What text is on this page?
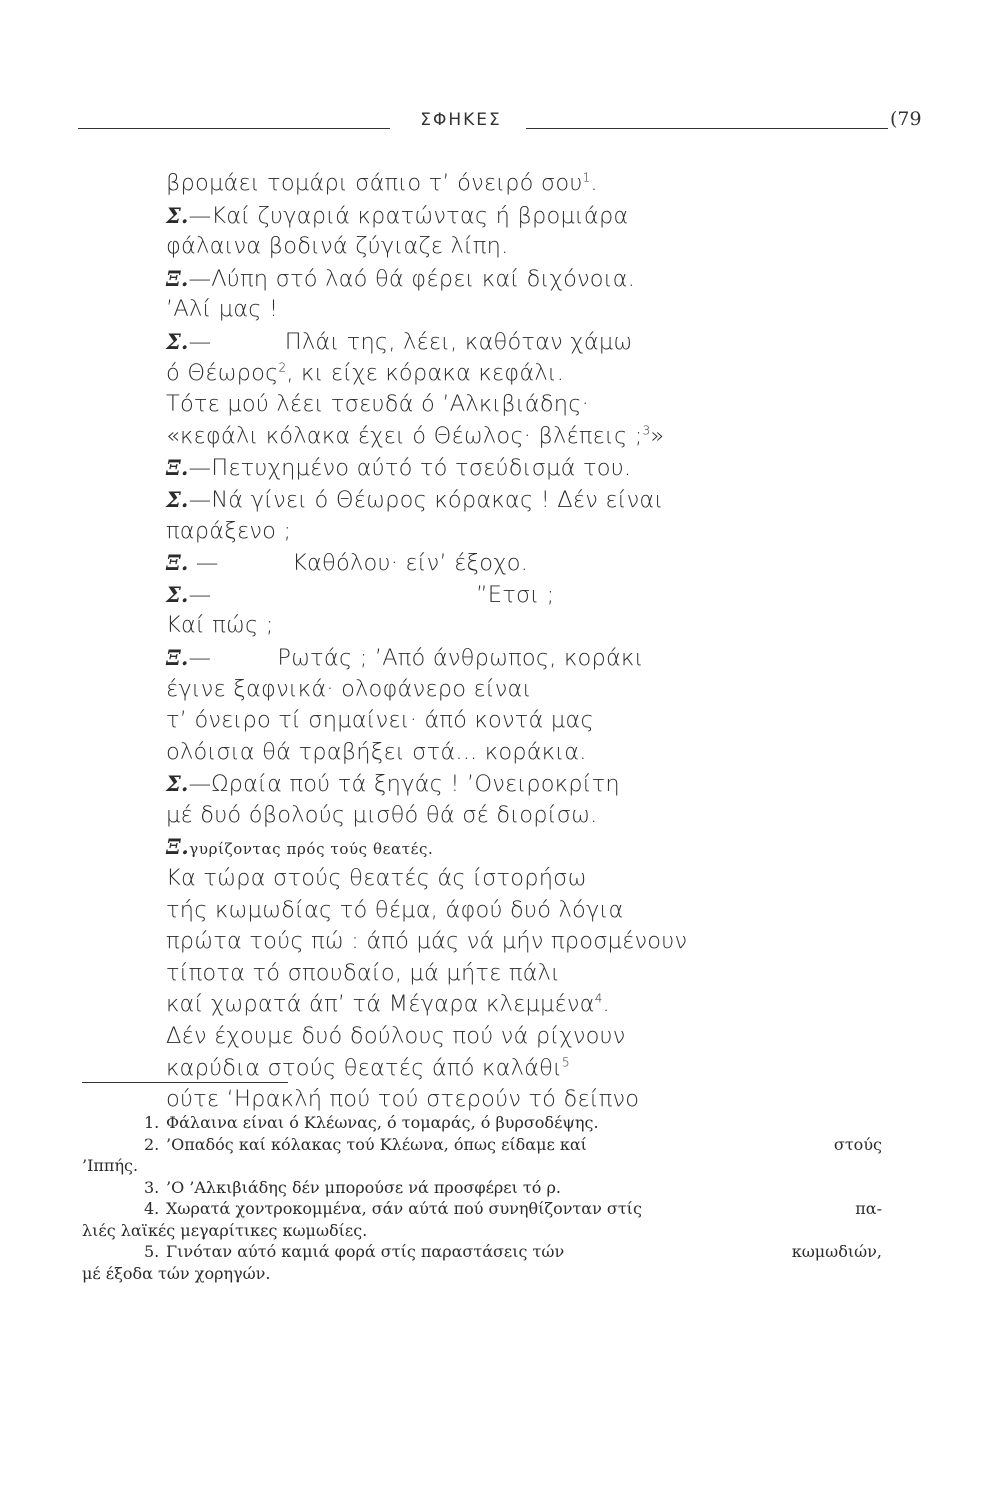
ΣΦΗΚΕΣ	(79
βρομάει τομάρι σάπιο τ’ όνειρό σου$^1$.
Σ.—Καί ζυγαριά κρατώντας ή βρομιάρα
φάλαινα βοδινά ζύγιαζε λίπη.
Ξ.—Λύπη στό λαό θά φέρει καί διχόνοια.
’Αλί μας !
Σ.—          Πλάι της, λέει, καθόταν χάμω
ό Θέωρος$^2$, κι είχε κόρακα κεφάλι.
Τότε μού λέει τσευδά ό ’Αλκιβιάδης·
«κεφάλι κόλακα έχει ό Θέωλος· βλέπεις ;$^3$»
Ξ.—Πετυχημένο αύτό τό τσεύδισμά του.
Σ.—Νά γίνει ό Θέωρος κόρακας ! Δέν είναι
παράξενο ;
Ξ. —          Καθόλου· είν’ έξοχο.
Σ.—                                    ”Ετσι ;
Καί πώς ;
Ξ.—         Ρωτάς ; ’Από άνθρωπος, κοράκι
έγινε ξαφνικά· ολοφάνερο είναι
τ’ όνειρο τί σημαίνει· άπό κοντά μας
ολόισια θά τραβήξει στά... κοράκια.
Σ.—Ωραία πού τά ξηγάς ! ’Ονειροκρίτη
μέ δυό όβολούς μισθό θά σέ διορίσω.
Ξ.γυρίζοντας πρός τούς θεατές.
Κα τώρα στούς θεατές άς ίστορήσω
τής κωμωδίας τό θέμα, άφού δυό λόγια
πρώτα τούς πώ : άπό μάς νά μήν προσμένουν
τίποτα τό σπουδαίο, μά μήτε πάλι
καί χωρατά άπ’ τά Μέγαρα κλεμμένα$^4$.
Δέν έχουμε δυό δούλους πού νά ρίχνουν
καρύδια στούς θεατές άπό καλάθι$^5$
ούτε ‘Ηρακλή πού τού στερούν τό δείπνο
1. Φάλαινα είναι ό Κλέωνας, ό τομαράς, ό βυρσοδέψης.
2. ’Οπαδός καί κόλακας τού Κλέωνα, όπως είδαμε καί	στούς
’Ιππής.
3. ’Ο ’Αλκιβιάδης δέν μπορούσε νά προσφέρει τό ρ.
4. Χωρατά χοντροκομμένα, σάν αύτά πού συνηθίζονταν στίς	πα-
λιές λαϊκές μεγαρίτικες κωμωδίες.
5. Γινόταν αύτό καμιά φορά στίς παραστάσεις τών	κωμωδιών,
μέ έξοδα τών χορηγών.
